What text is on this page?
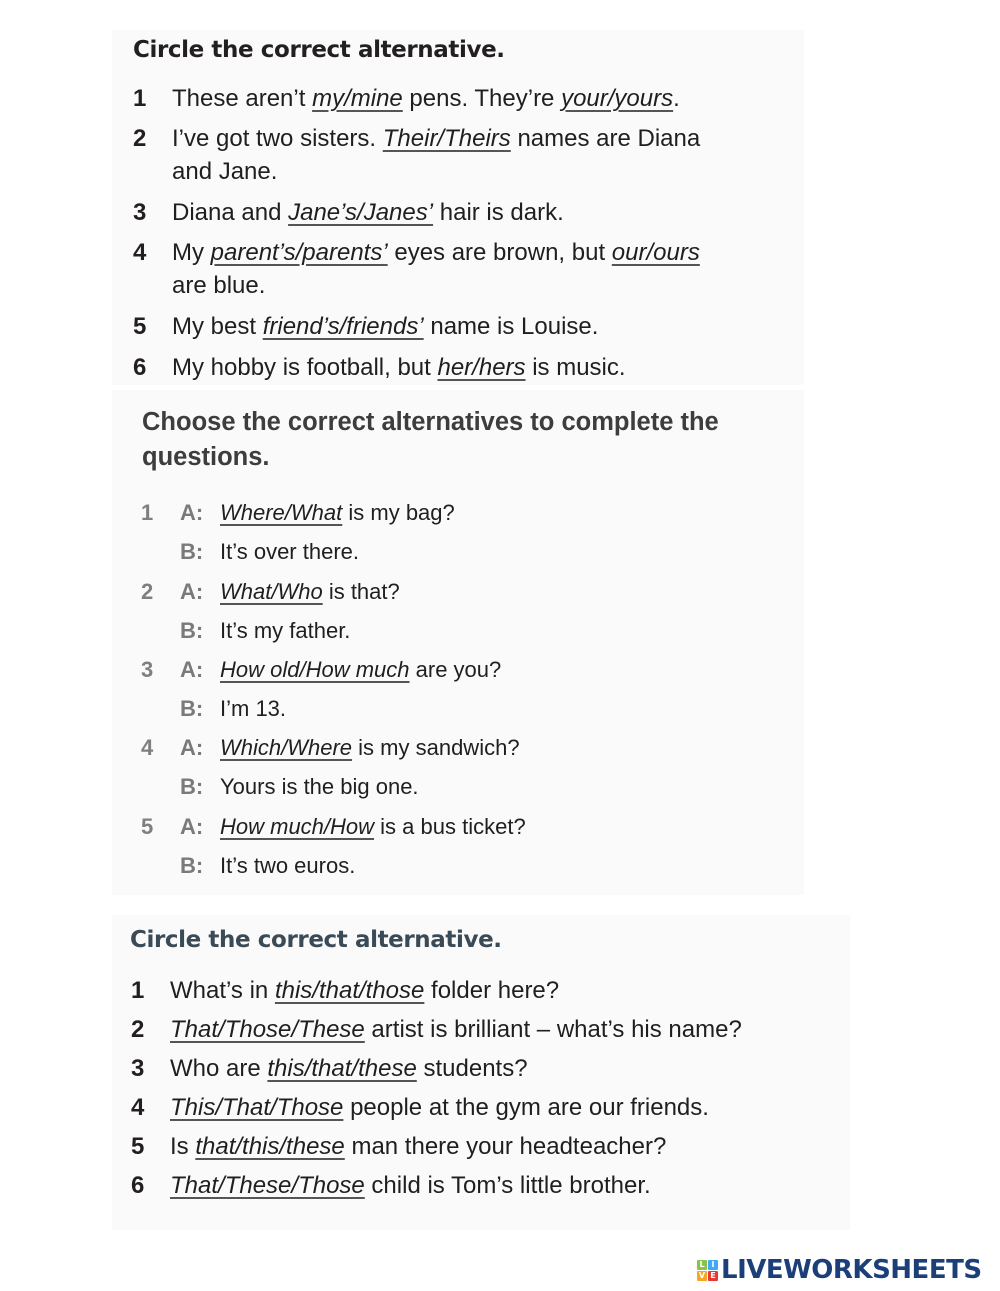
Circle the correct alternative.
1 These aren’t my/mine pens. They’re your/yours.
2 I’ve got two sisters. Their/Theirs names are Diana
and Jane.
3 Diana and Jane’s/Janes’ hair is dark.
4 My parent’s/parents’ eyes are brown, but our/ours
are blue.
5 My best friend’s/friends’ name is Louise.
6 My hobby is football, but her/hers is music.
Choose the correct alternatives to complete the questions.
1 A: Where/What is my bag?
B: It’s over there.
2 A: What/Who is that?
B: It’s my father.
3 A: How old/How much are you?
B: I’m 13.
4 A: Which/Where is my sandwich?
B: Yours is the big one.
5 A: How much/How is a bus ticket?
B: It’s two euros.
Circle the correct alternative.
1 What’s in this/that/those folder here?
2 That/Those/These artist is brilliant – what’s his name?
3 Who are this/that/these students?
4 This/That/Those people at the gym are our friends.
5 Is that/this/these man there your headteacher?
6 That/These/Those child is Tom’s little brother.
L I
V E LIVEWORKSHEETS
